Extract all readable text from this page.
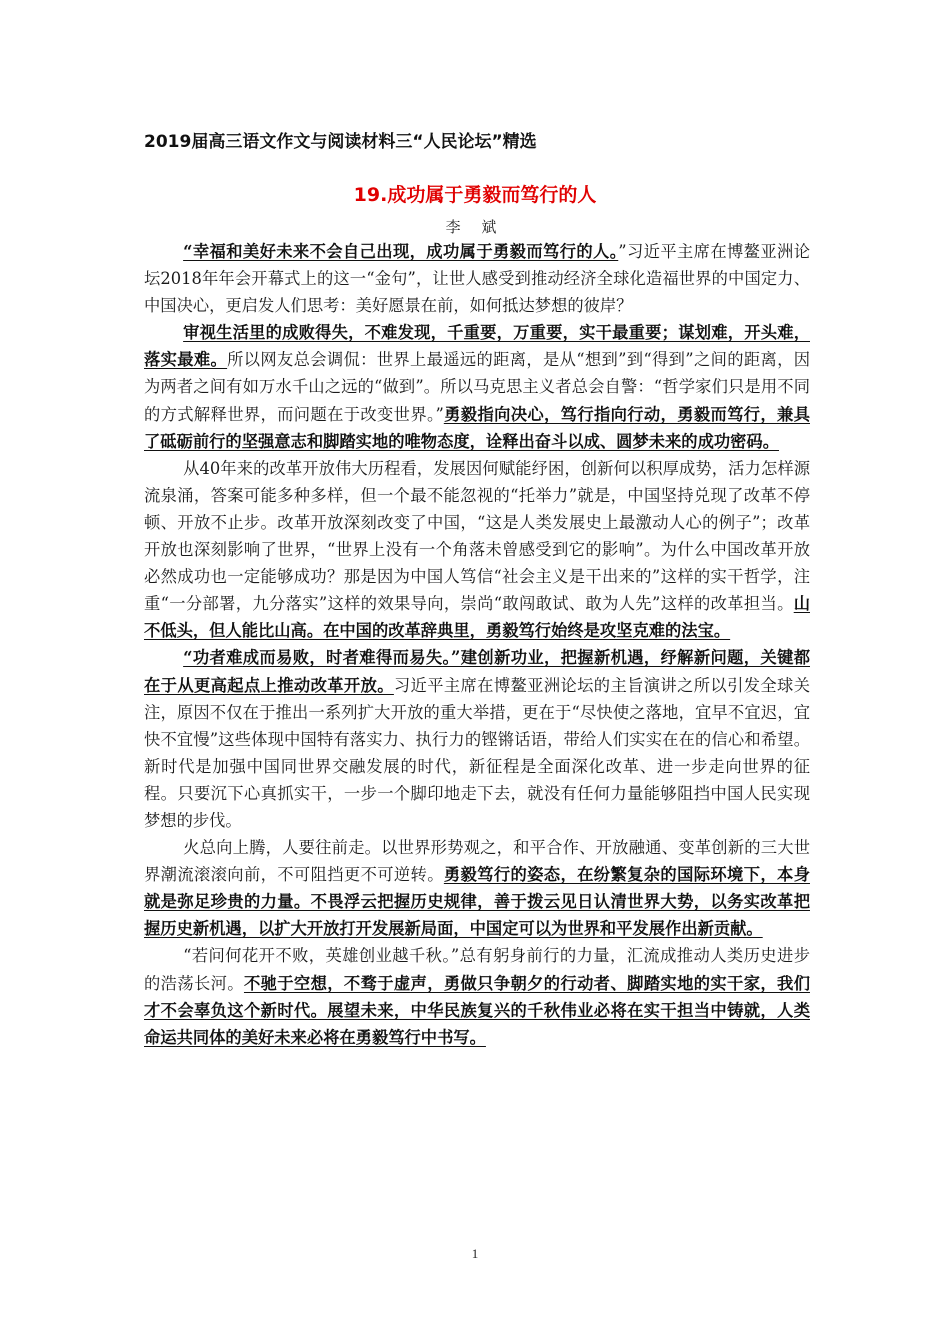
2019届高三语文作文与阅读材料三“人民论坛”精选
19.成功属于勇毅而笃行的人
李 斌

“幸福和美好未来不会自己出现，成功属于勇毅而笃行的人。”习近平主席在博鳌亚洲论坛2018年年会开幕式上的这一“金句”，让世人感受到推动经济全球化造福世界的中国定力、中国决心，更启发人们思考：美好愿景在前，如何抵达梦想的彼岸？

审视生活里的成败得失，不难发现，千重要，万重要，实干最重要；谋划难，开头难，落实最难。所以网友总会调侃：世界上最遥远的距离，是从“想到”到“得到”之间的距离，因为两者之间有如万水千山之远的“做到”。所以马克思主义者总会自警：“哲学家们只是用不同的方式解释世界，而问题在于改变世界。”勇毅指向决心，笃行指向行动，勇毅而笃行，兼具了砥砺前行的坚强意志和脚踏实地的唯物态度，诠释出奋斗以成、圆梦未来的成功密码。

从40年来的改革开放伟大历程看，发展因何赋能纾困，创新何以积厚成势，活力怎样源流泉涌，答案可能多种多样，但一个最不能忽视的“托举力”就是，中国坚持兑现了改革不停顿、开放不止步。改革开放深刻改变了中国，“这是人类发展史上最激动人心的例子”；改革开放也深刻影响了世界，“世界上没有一个角落未曾感受到它的影响”。为什么中国改革开放必然成功也一定能够成功？那是因为中国人笃信“社会主义是干出来的”这样的实干哲学，注重“一分部署，九分落实”这样的效果导向，崇尚“敢闯敢试、敢为人先”这样的改革担当。山不低头，但人能比山高。在中国的改革辞典里，勇毅笃行始终是攻坚克难的法宝。

“功者难成而易败，时者难得而易失。”建创新功业，把握新机遇，纾解新问题，关键都在于从更高起点上推动改革开放。习近平主席在博鳌亚洲论坛的主旨演讲之所以引发全球关注，原因不仅在于推出一系列扩大开放的重大举措，更在于“尽快使之落地，宜早不宜迟，宜快不宜慢”这些体现中国特有落实力、执行力的铿锵话语，带给人们实实在在的信心和希望。新时代是加强中国同世界交融发展的时代，新征程是全面深化改革、进一步走向世界的征程。只要沉下心真抓实干，一步一个脚印地走下去，就没有任何力量能够阻挡中国人民实现梦想的步伐。

火总向上腾，人要往前走。以世界形势观之，和平合作、开放融通、变革创新的三大世界潮流滚滚向前，不可阻挡更不可逆转。勇毅笃行的姿态，在纷繁复杂的国际环境下，本身就是弥足珍贵的力量。不畏浮云把握历史规律，善于拨云见日认清世界大势，以务实改革把握历史新机遇，以扩大开放打开发展新局面，中国定可以为世界和平发展作出新贡献。

“若问何花开不败，英雄创业越千秋。”总有躬身前行的力量，汇流成推动人类历史进步的浩荡长河。不驰于空想，不骛于虚声，勇做只争朝夕的行动者、脚踏实地的实干家，我们才不会辜负这个新时代。展望未来，中华民族复兴的千秋伟业必将在实干担当中铸就，人类命运共同体的美好未来必将在勇毅笃行中书写。

1
